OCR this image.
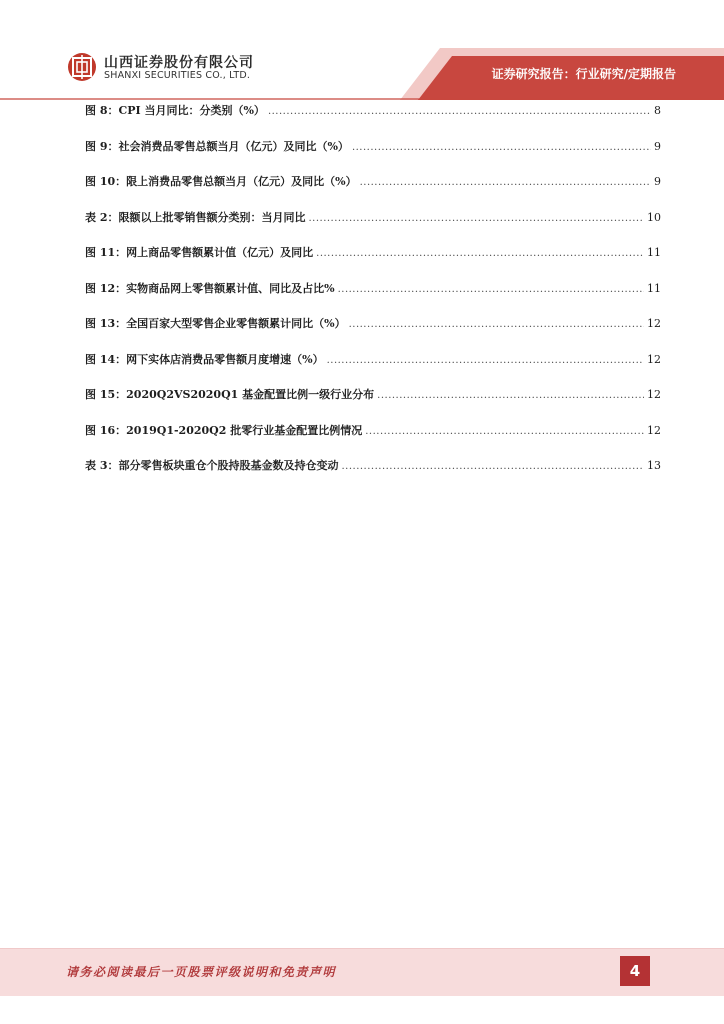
山西证券股份有限公司
SHANXI SECURITIES CO., LTD.	证券研究报告：行业研究/定期报告
图 8：CPI 当月同比：分类别（%） .....	8
图 9：社会消费品零售总额当月（亿元）及同比（%） .....	9
图 10：限上消费品零售总额当月（亿元）及同比（%） .....	9
表 2：限额以上批零销售额分类别：当月同比 .....	10
图 11：网上商品零售额累计值（亿元）及同比 .....	11
图 12：实物商品网上零售额累计值、同比及占比% .....	11
图 13：全国百家大型零售企业零售额累计同比（%） .....	12
图 14：网下实体店消费品零售额月度增速（%） .....	12
图 15：2020Q2VS2020Q1 基金配置比例一级行业分布 .....	12
图 16：2019Q1-2020Q2 批零行业基金配置比例情况 .....	12
表 3：部分零售板块重仓个股持股基金数及持仓变动 .....	13
请务必阅读最后一页股票评级说明和免责声明	4
